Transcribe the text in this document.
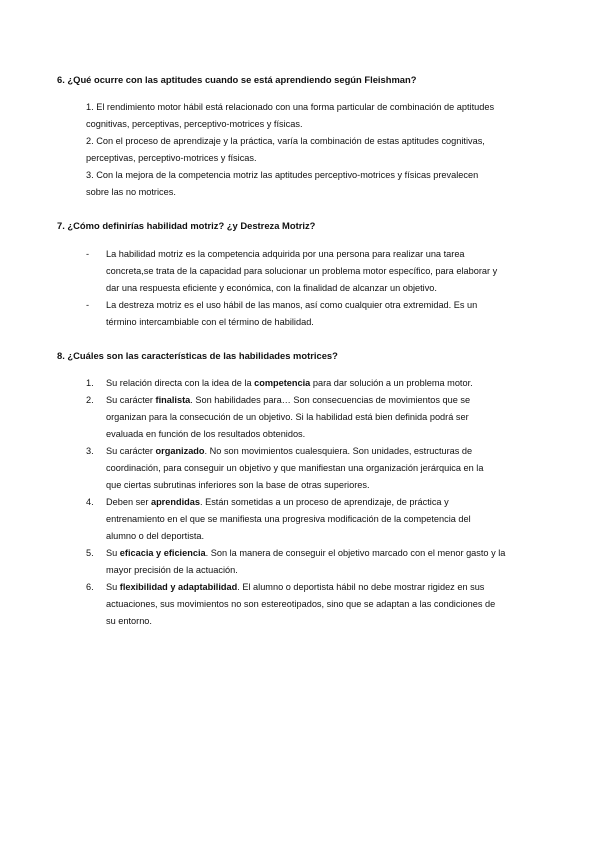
6. ¿Qué ocurre con las aptitudes cuando se está aprendiendo según Fleishman?
1. El rendimiento motor hábil está relacionado con una forma particular de combinación de aptitudes
cognitivas, perceptivas, perceptivo-motrices y físicas.
2. Con el proceso de aprendizaje y la práctica, varía la combinación de estas aptitudes cognitivas,
perceptivas, perceptivo-motrices y físicas.
3. Con la mejora de la competencia motriz las aptitudes perceptivo-motrices y físicas prevalecen
sobre las no motrices.
7. ¿Cómo definirías habilidad motriz? ¿y Destreza Motriz?
- La habilidad motriz es la competencia adquirida por una persona para realizar una tarea
concreta,se trata de la capacidad para solucionar un problema motor específico, para elaborar y
dar una respuesta eficiente y económica, con la finalidad de alcanzar un objetivo.
- La destreza motriz es el uso hábil de las manos, así como cualquier otra extremidad. Es un
término intercambiable con el término de habilidad.
8. ¿Cuáles son las características de las habilidades motrices?
1. Su relación directa con la idea de la competencia para dar solución a un problema motor.
2. Su carácter finalista. Son habilidades para… Son consecuencias de movimientos que se
organizan para la consecución de un objetivo. Si la habilidad está bien definida podrá ser
evaluada en función de los resultados obtenidos.
3. Su carácter organizado. No son movimientos cualesquiera. Son unidades, estructuras de
coordinación, para conseguir un objetivo y que manifiestan una organización jerárquica en la
que ciertas subrutinas inferiores son la base de otras superiores.
4. Deben ser aprendidas. Están sometidas a un proceso de aprendizaje, de práctica y
entrenamiento en el que se manifiesta una progresiva modificación de la competencia del
alumno o del deportista.
5. Su eficacia y eficiencia. Son la manera de conseguir el objetivo marcado con el menor gasto y la
mayor precisión de la actuación.
6. Su flexibilidad y adaptabilidad. El alumno o deportista hábil no debe mostrar rigidez en sus
actuaciones, sus movimientos no son estereotipados, sino que se adaptan a las condiciones de
su entorno.
